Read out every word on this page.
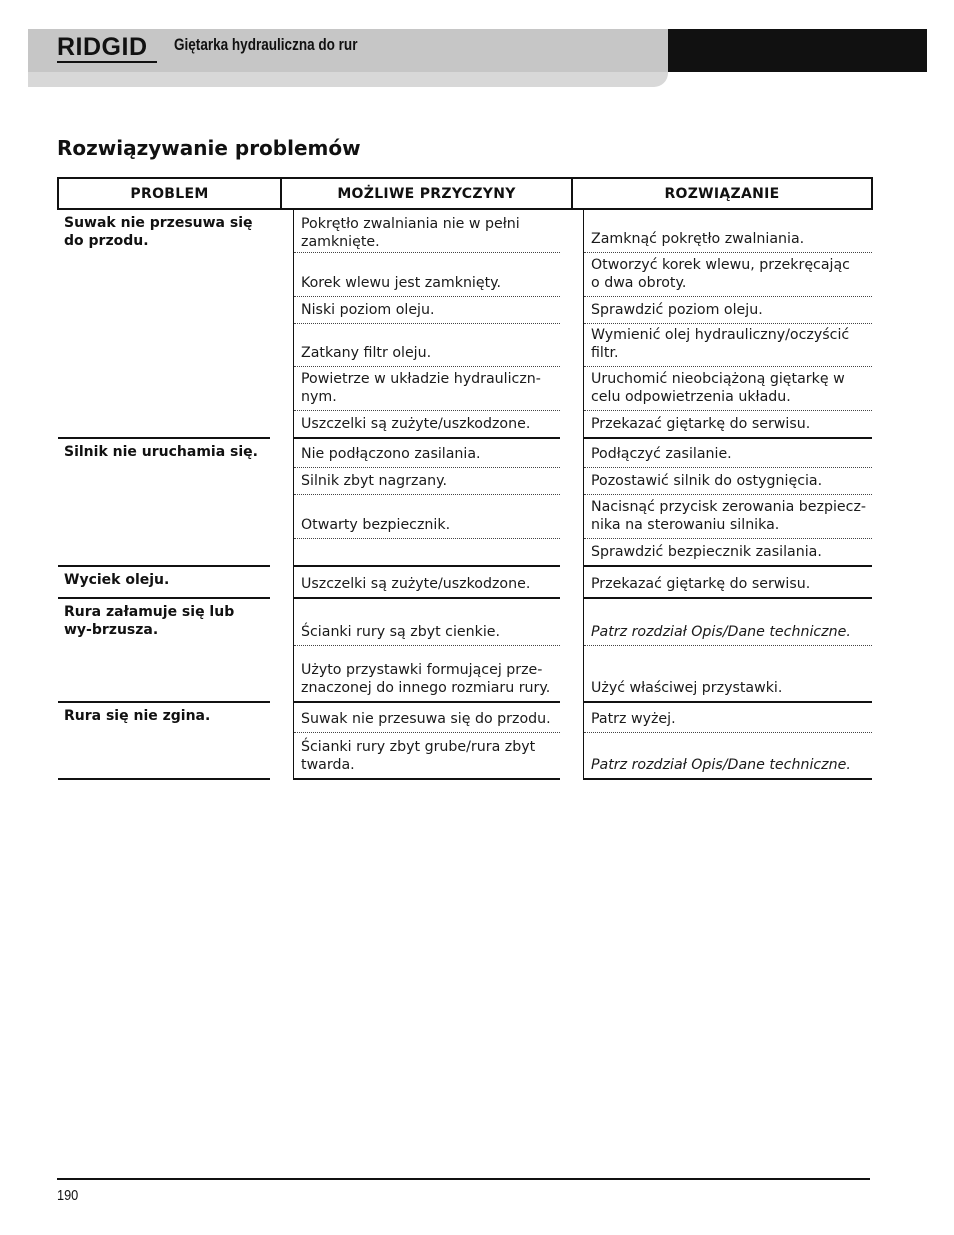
RIDGID Giętarka hydrauliczna do rur
Rozwiązywanie problemów
PROBLEM	MOŻLIWE PRZYCZYNY	ROZWIĄZANIE
Suwak nie przesuwa się do przodu.
Silnik nie uruchamia się.
Wyciek oleju.
Rura załamuje się lub wy-brzusza.
Rura się nie zgina.
Pokrętło zwalniania nie w pełni zamknięte.
Korek wlewu jest zamknięty.
Niski poziom oleju.
Zatkany filtr oleju.
Powietrze w układzie hydrauliczn-nym.
Uszczelki są zużyte/uszkodzone.
Nie podłączono zasilania.
Silnik zbyt nagrzany.
Otwarty bezpiecznik.
Uszczelki są zużyte/uszkodzone.
Ścianki rury są zbyt cienkie.
Użyto przystawki formującej prze-znaczonej do innego rozmiaru rury.
Suwak nie przesuwa się do przodu.
Ścianki rury zbyt grube/rura zbyt twarda.
Zamknąć pokrętło zwalniania.
Otworzyć korek wlewu, przekręcając o dwa obroty.
Sprawdzić poziom oleju.
Wymienić olej hydrauliczny/oczyścić filtr.
Uruchomić nieobciążoną giętarkę w celu odpowietrzenia układu.
Przekazać giętarkę do serwisu.
Podłączyć zasilanie.
Pozostawić silnik do ostygnięcia.
Nacisnąć przycisk zerowania bezpiecz-nika na sterowaniu silnika.
Sprawdzić bezpiecznik zasilania.
Przekazać giętarkę do serwisu.
Patrz rozdział Opis/Dane techniczne.
Użyć właściwej przystawki.
Patrz wyżej.
Patrz rozdział Opis/Dane techniczne.
190
